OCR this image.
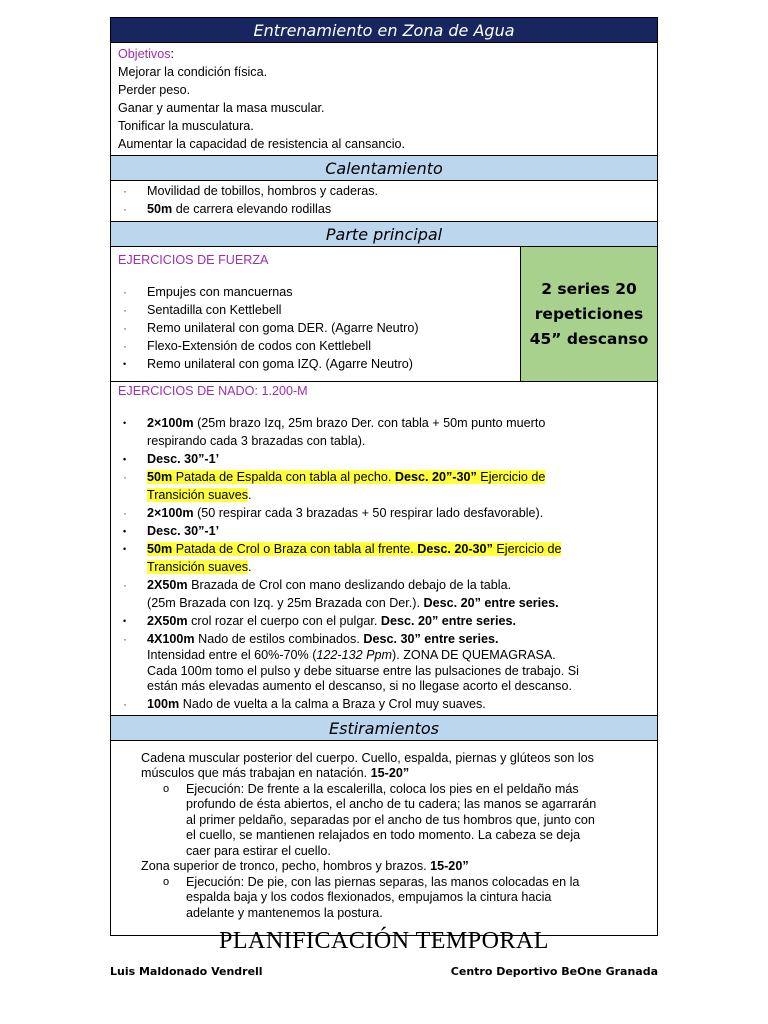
Entrenamiento en Zona de Agua
Objetivos:
Mejorar la condición física.
Perder peso.
Ganar y aumentar la masa muscular.
Tonificar la musculatura.
Aumentar la capacidad de resistencia al cansancio.
Calentamiento
· Movilidad de tobillos, hombros y caderas.
· 50m de carrera elevando rodillas
Parte principal
EJERCICIOS DE FUERZA
· Empujes con mancuernas
· Sentadilla con Kettlebell
· Remo unilateral con goma DER. (Agarre Neutro)
· Flexo-Extensión de codos con Kettlebell
• Remo unilateral con goma IZQ. (Agarre Neutro)
2 series 20
repeticiones
45” descanso
EJERCICIOS DE NADO: 1.200-M
• 2×100m (25m brazo Izq, 25m brazo Der. con tabla + 50m punto muerto
respirando cada 3 brazadas con tabla).
• Desc. 30”-1’
· 50m Patada de Espalda con tabla al pecho. Desc. 20”-30” Ejercicio de
Transición suaves.
· 2×100m (50 respirar cada 3 brazadas + 50 respirar lado desfavorable).
• Desc. 30”-1’
• 50m Patada de Crol o Braza con tabla al frente. Desc. 20-30” Ejercicio de
Transición suaves.
· 2X50m Brazada de Crol con mano deslizando debajo de la tabla.
(25m Brazada con Izq. y 25m Brazada con Der.). Desc. 20” entre series.
• 2X50m crol rozar el cuerpo con el pulgar. Desc. 20” entre series.
· 4X100m Nado de estilos combinados. Desc. 30” entre series.
Intensidad entre el 60%-70% (122-132 Ppm). ZONA DE QUEMAGRASA.
Cada 100m tomo el pulso y debe situarse entre las pulsaciones de trabajo. Si
están más elevadas aumento el descanso, si no llegase acorto el descanso.
· 100m Nado de vuelta a la calma a Braza y Crol muy suaves.
Estiramientos
Cadena muscular posterior del cuerpo. Cuello, espalda, piernas y glúteos son los
músculos que más trabajan en natación. 15-20”
o Ejecución: De frente a la escalerilla, coloca los pies en el peldaño más
profundo de ésta abiertos, el ancho de tu cadera; las manos se agarrarán
al primer peldaño, separadas por el ancho de tus hombros que, junto con
el cuello, se mantienen relajados en todo momento. La cabeza se deja
caer para estirar el cuello.
Zona superior de tronco, pecho, hombros y brazos. 15-20”
o Ejecución: De pie, con las piernas separas, las manos colocadas en la
espalda baja y los codos flexionados, empujamos la cintura hacia
adelante y mantenemos la postura.
PLANIFICACIÓN TEMPORAL
Luis Maldonado Vendrell	Centro Deportivo BeOne Granada
